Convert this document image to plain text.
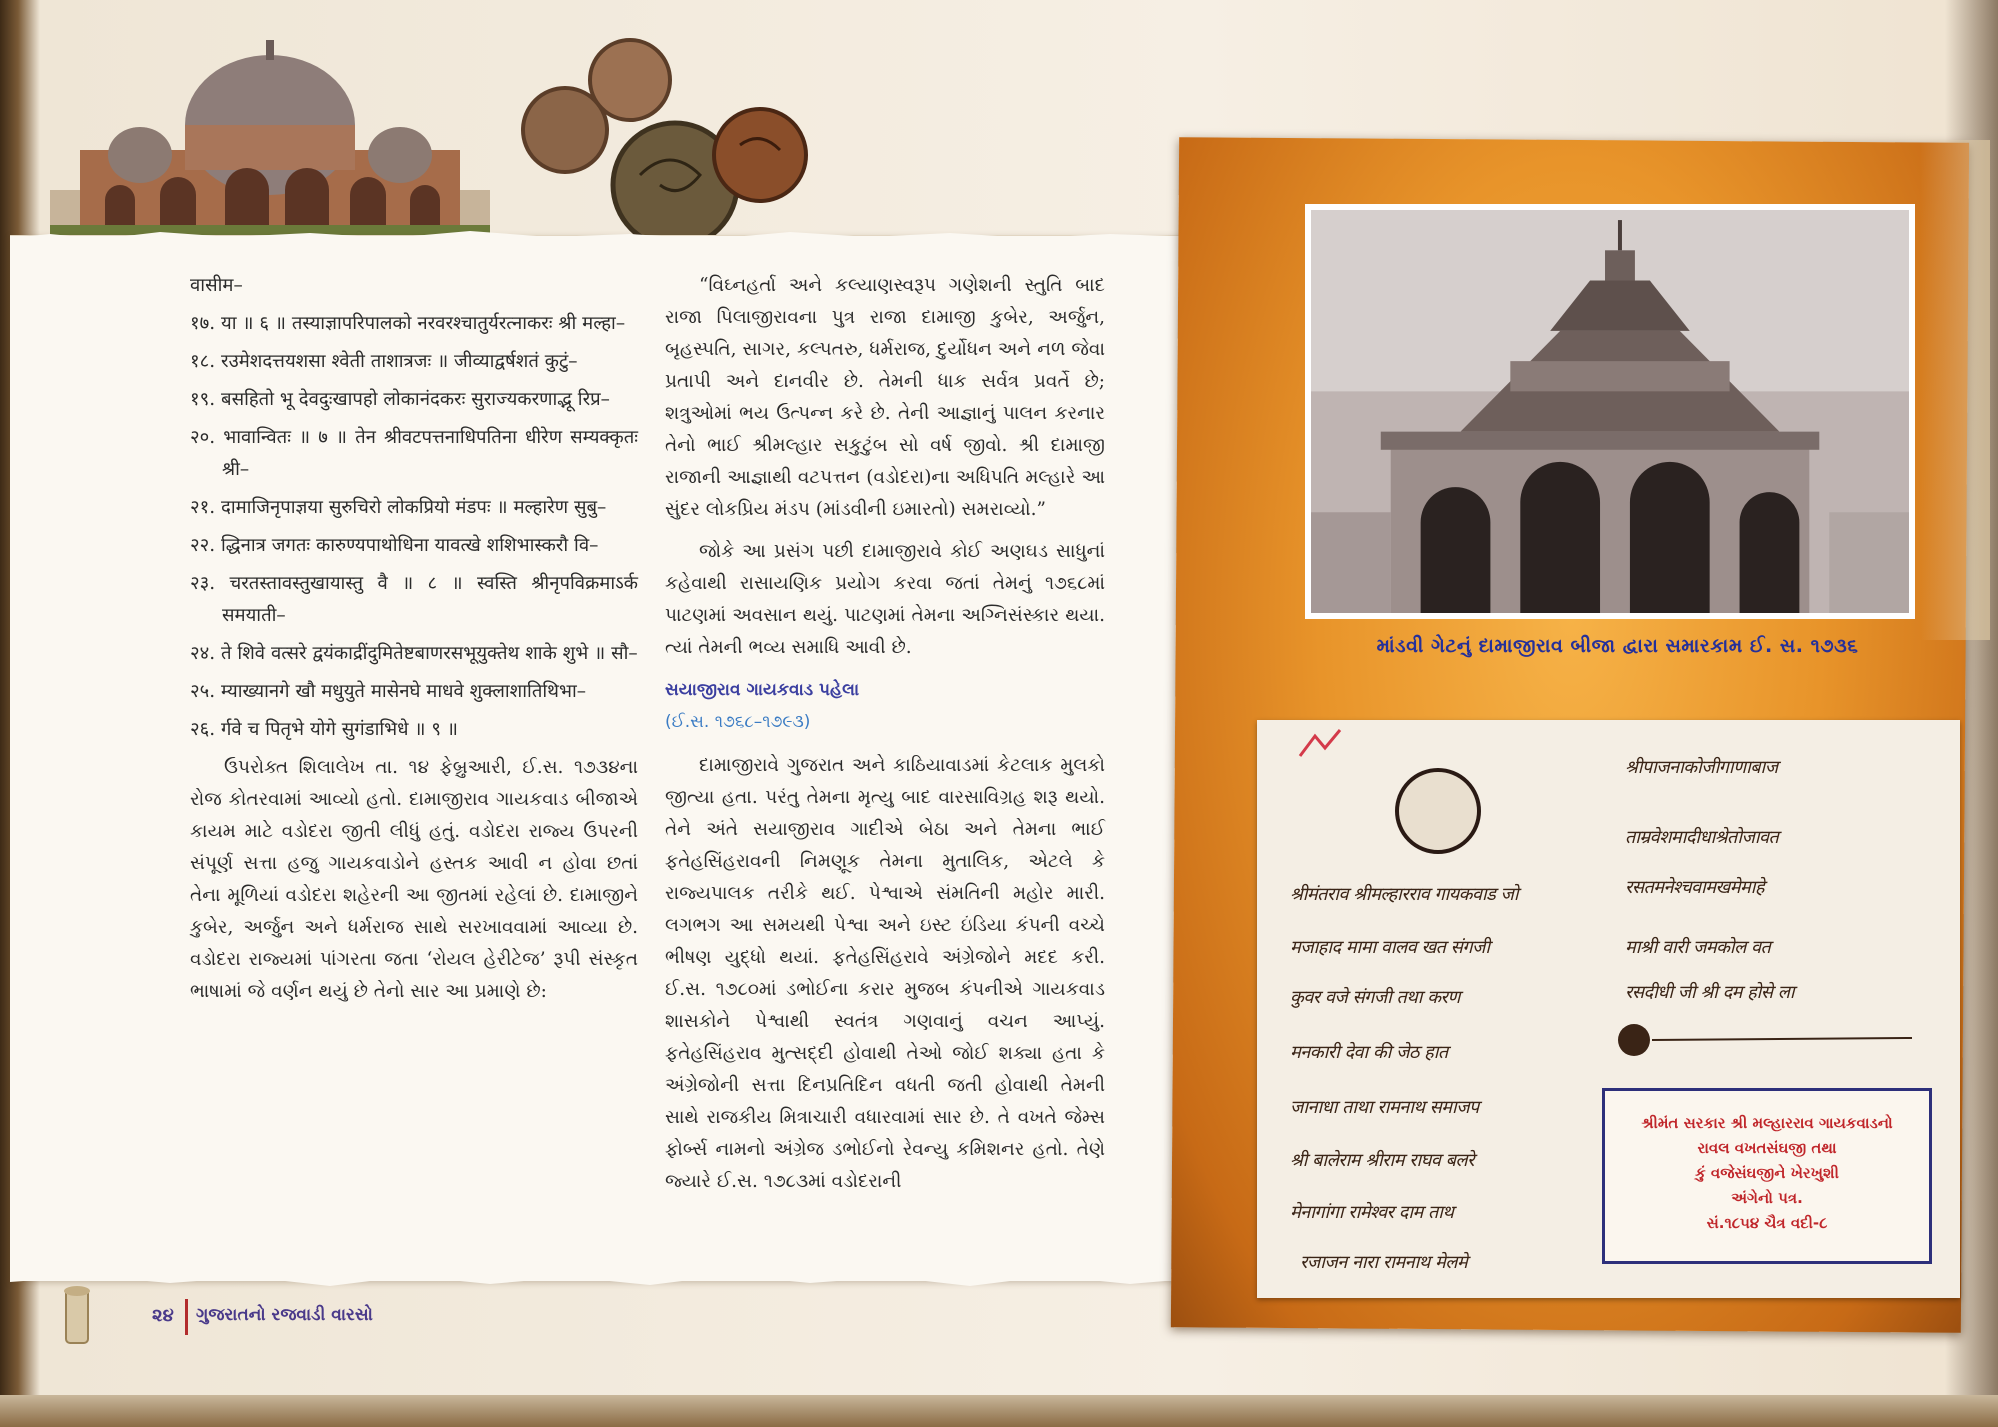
वासीम–

१७. या ॥ ६ ॥ तस्याज्ञापरिपालको नरवरश्चातुर्यरत्नाकरः श्री मल्हा–

१८. रउमेशदत्तयशसा श्वेती ताशात्रजः ॥ जीव्याद्वर्षशतं कुटुं–

१९. बसहितो भू देवदुःखापहो लोकानंदकरः सुराज्यकरणाद्भू रिप्र–

२०. भावान्वितः ॥ ७ ॥ तेन श्रीवटपत्तनाधिपतिना धीरेण सम्यक्कृतः श्री–

२१. दामाजिनृपाज्ञया सुरुचिरो लोकप्रियो मंडपः ॥ मल्हारेण सुबु–

२२. द्धिनात्र जगतः कारुण्यपाथोधिना यावत्खे शशिभास्करौ वि–

२३. चरतस्तावस्तुखायास्तु वै ॥ ८ ॥ स्वस्ति श्रीनृपविक्रमाऽर्क समयाती–

२४. ते शिवे वत्सरे द्वयंकाद्रींदुमितेष्टबाणरसभूयुक्तेथ शाके शुभे ॥ सौ–

२५. म्याख्यानगे खौ मधुयुते मासेनघे माधवे शुक्लाशातिथिभा–

२६. र्गवे च पितृभे योगे सुगंडाभिधे ॥ ९ ॥

ઉપરોક્ત શિલાલેખ તા. ૧૪ ફેબ્રુઆરી, ઈ.સ. ૧૭૩૪ના રોજ કોતરવામાં આવ્યો હતો. દામાજીરાવ ગાયકવાડ બીજાએ કાયમ માટે વડોદરા જીતી લીધું હતું. વડોદરા રાજ્ય ઉપરની સંપૂર્ણ સત્તા હજુ ગાયકવાડોને હસ્તક આવી ન હોવા છતાં તેના મૂળિયાં વડોદરા શહેરની આ જીતમાં રહેલાં છે. દામાજીને કુબેર, અર્જુન અને ધર્મરાજ સાથે સરખાવવામાં આવ્યા છે. વડોદરા રાજ્યમાં પાંગરતા જતા ‘રોયલ હેરીટેજ’ રૂપી સંસ્કૃત ભાષામાં જે વર્ણન થયું છે તેનો સાર આ પ્રમાણે છે:

“વિઘ્નહર્તા અને કલ્યાણસ્વરૂપ ગણેશની સ્તુતિ બાદ રાજા પિલાજીરાવના પુત્ર રાજા દામાજી કુબેર, અર્જુન, બૃહસ્પતિ, સાગર, કલ્પતરુ, ધર્મરાજ, દુર્યોધન અને નળ જેવા પ્રતાપી અને દાનવીર છે. તેમની ધાક સર્વત્ર પ્રવર્તે છે; શત્રુઓમાં ભય ઉત્પન્ન કરે છે. તેની આજ્ઞાનું પાલન કરનાર તેનો ભાઈ શ્રીમલ્હાર સકુટુંબ સો વર્ષ જીવો. શ્રી દામાજી રાજાની આજ્ઞાથી વટપત્તન (વડોદરા)ના અધિપતિ મલ્હારે આ સુંદર લોકપ્રિય મંડપ (માંડવીની ઇમારતો) સમરાવ્યો.”

જોકે આ પ્રસંગ પછી દામાજીરાવે કોઈ અણઘડ સાધુનાં કહેવાથી રાસાયણિક પ્રયોગ કરવા જતાં તેમનું ૧૭૬૮માં પાટણમાં અવસાન થયું. પાટણમાં તેમના અગ્નિસંસ્કાર થયા. ત્યાં તેમની ભવ્ય સમાધિ આવી છે.

સયાજીરાવ ગાયકવાડ પહેલા

(ઈ.સ. ૧૭૬૮–૧૭૯૩)

દામાજીરાવે ગુજરાત અને કાઠિયાવાડમાં કેટલાક મુલકો જીત્યા હતા. પરંતુ તેમના મૃત્યુ બાદ વારસાવિગ્રહ શરૂ થયો. તેને અંતે સયાજીરાવ ગાદીએ બેઠા અને તેમના ભાઈ ફતેહસિંહરાવની નિમણૂક તેમના મુતાલિક, એટલે કે રાજ્યપાલક તરીકે થઈ. પેશ્વાએ સંમતિની મહોર મારી. લગભગ આ સમયથી પેશ્વા અને ઇસ્ટ ઇંડિયા કંપની વચ્ચે ભીષણ યુદ્ધો થયાં. ફતેહસિંહરાવે અંગ્રેજોને મદદ કરી. ઈ.સ. ૧૭૮૦માં ડભોઈના કરાર મુજબ કંપનીએ ગાયકવાડ શાસકોને પેશ્વાથી સ્વતંત્ર ગણવાનું વચન આપ્યું. ફતેહસિંહરાવ મુત્સદ્દી હોવાથી તેઓ જોઈ શક્યા હતા કે અંગ્રેજોની સત્તા દિનપ્રતિદિન વધતી જતી હોવાથી તેમની સાથે રાજકીય મિત્રાચારી વધારવામાં સાર છે. તે વખતે જેમ્સ ફોર્બ્સ નામનો અંગ્રેજ ડભોઈનો રેવન્યુ કમિશનર હતો. તેણે જ્યારે ઈ.સ. ૧૭૮૩માં વડોદરાની

૨૪ ગુજરાતનો રજવાડી વારસો
માંડવી ગેટનું દામાજીરાવ બીજા દ્વારા સમારકામ ઈ. સ. ૧૭૩૬
श्रीमंतराव श्रीमल्हारराव गायकवाड जो
मजाहाद मामा वालव खत संगजी
कुवर वजे संगजी तथा करण
मनकारी देवा की जेठ हात
जानाधा ताथा रामनाथ समाजप
श्री बालेराम श्रीराम राघव बलरे
मेनागांगा रामेश्वर दाम ताथ
रजाजन नारा रामनाथ मेलमे
श्रीपाजनाकोजीगाणाबाज
ताम्रवेशमादीधाश्रेतोजावत
रसतमनेश्चवामखमेमाहे
माश्री वारी जमकोल वत
रसदीधी जी श्री दम होसे ला
શ્રીમંત સરકાર શ્રી મલ્હારરાવ ગાયકવાડનો
રાવલ વખતસંઘજી તથા
કું વજેસંઘજીને ખેરખુશી
અંગેનો પત્ર.
સં.૧૮૫૪ ચૈત્ર વદી-૮
